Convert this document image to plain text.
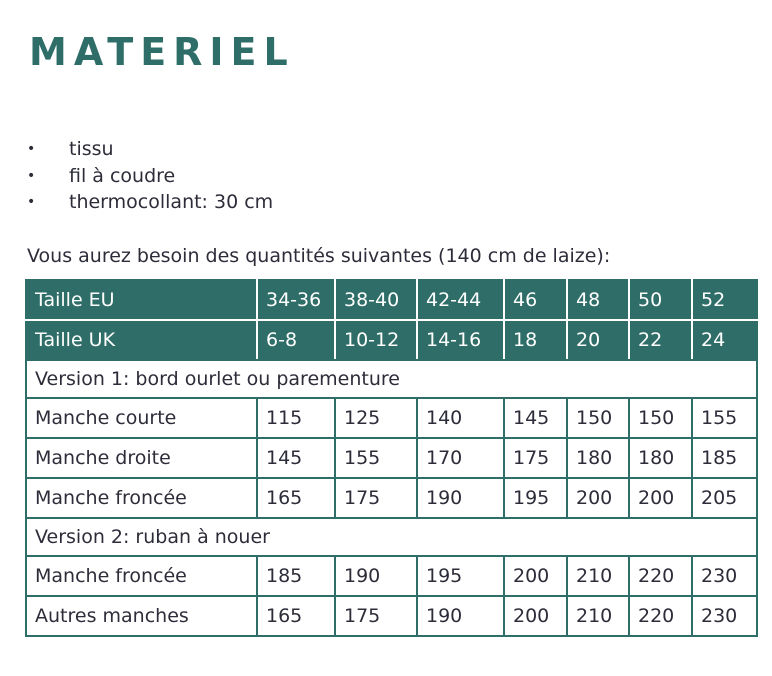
MATERIEL
• tissu
• fil à coudre
• thermocollant: 30 cm

Vous aurez besoin des quantités suivantes (140 cm de laize):

Taille EU	34-36	38-40	42-44	46	48	50	52
Taille UK	6-8	10-12	14-16	18	20	22	24
Version 1: bord ourlet ou parementure							
Manche courte	115	125	140	145	150	150	155
Manche droite	145	155	170	175	180	180	185
Manche froncée	165	175	190	195	200	200	205
Version 2: ruban à nouer							
Manche froncée	185	190	195	200	210	220	230
Autres manches	165	175	190	200	210	220	230
